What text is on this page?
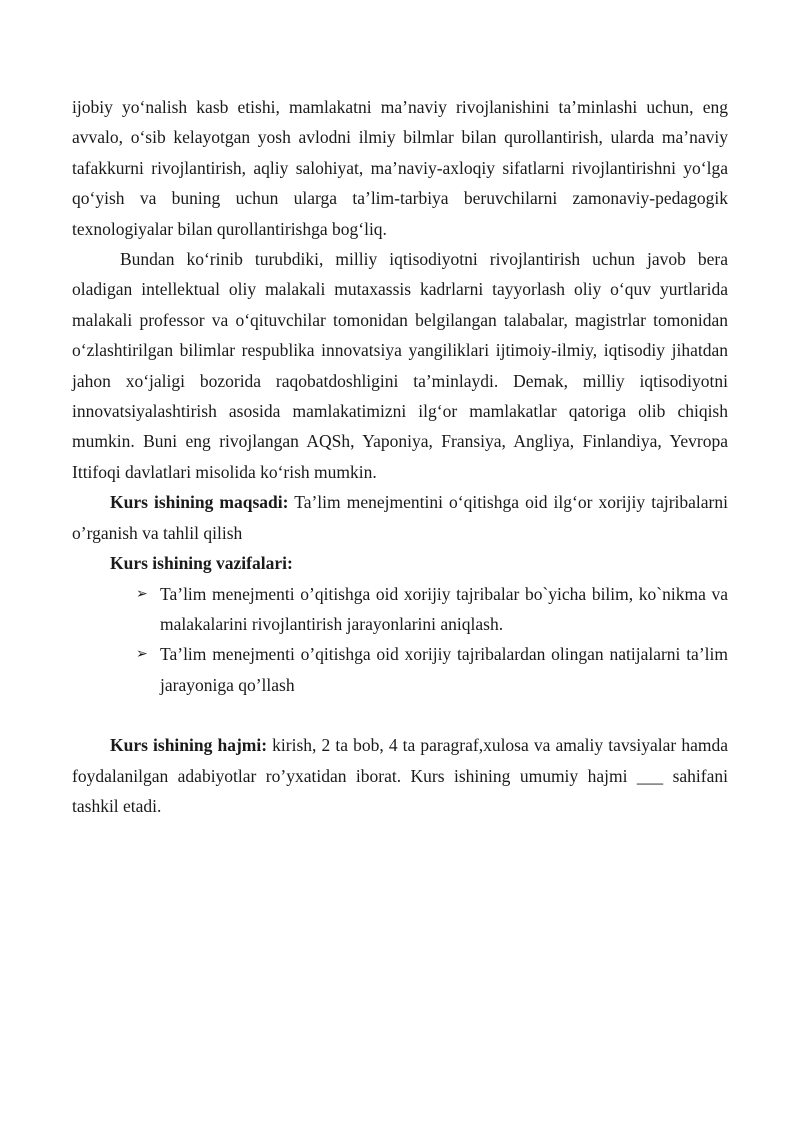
ijobiy yo‘nalish kasb etishi, mamlakatni ma’naviy rivojlanishini ta’minlashi uchun, eng avvalo, o‘sib kelayotgan yosh avlodni ilmiy bilmlar bilan qurollantirish, ularda ma’naviy tafakkurni rivojlantirish, aqliy salohiyat, ma’naviy-axloqiy sifatlarni rivojlantirishni yo‘lga qo‘yish va buning uchun ularga ta’lim-tarbiya beruvchilarni zamonaviy-pedagogik texnologiyalar bilan qurollantirishga bog‘liq.

Bundan ko‘rinib turubdiki, milliy iqtisodiyotni rivojlantirish uchun javob bera oladigan intellektual oliy malakali mutaxassis kadrlarni tayyorlash oliy o‘quv yurtlarida malakali professor va o‘qituvchilar tomonidan belgilangan talabalar, magistrlar tomonidan o‘zlashtirilgan bilimlar respublika innovatsiya yangiliklari ijtimoiy-ilmiy, iqtisodiy jihatdan jahon xo‘jaligi bozorida raqobatdoshligini ta’minlaydi. Demak, milliy iqtisodiyotni innovatsiyalashtirish asosida mamlakatimizni ilg‘or mamlakatlar qatoriga olib chiqish mumkin. Buni eng rivojlangan AQSh, Yaponiya, Fransiya, Angliya, Finlandiya, Yevropa Ittifoqi davlatlari misolida ko‘rish mumkin.

Kurs ishining maqsadi: Ta’lim menejmentini o‘qitishga oid ilg‘or xorijiy tajribalarni o’rganish va tahlil qilish

Kurs ishining vazifalari:

➢ Ta’lim menejmenti o’qitishga oid xorijiy tajribalar bo`yicha bilim, ko`nikma va malakalarini rivojlantirish jarayonlarini aniqlash.
➢ Ta’lim menejmenti o’qitishga oid xorijiy tajribalardan olingan natijalarni ta’lim jarayoniga qo’llash

Kurs ishining hajmi: kirish, 2 ta bob, 4 ta paragraf,xulosa va amaliy tavsiyalar hamda foydalanilgan adabiyotlar ro’yxatidan iborat. Kurs ishining umumiy hajmi ___ sahifani tashkil etadi.
